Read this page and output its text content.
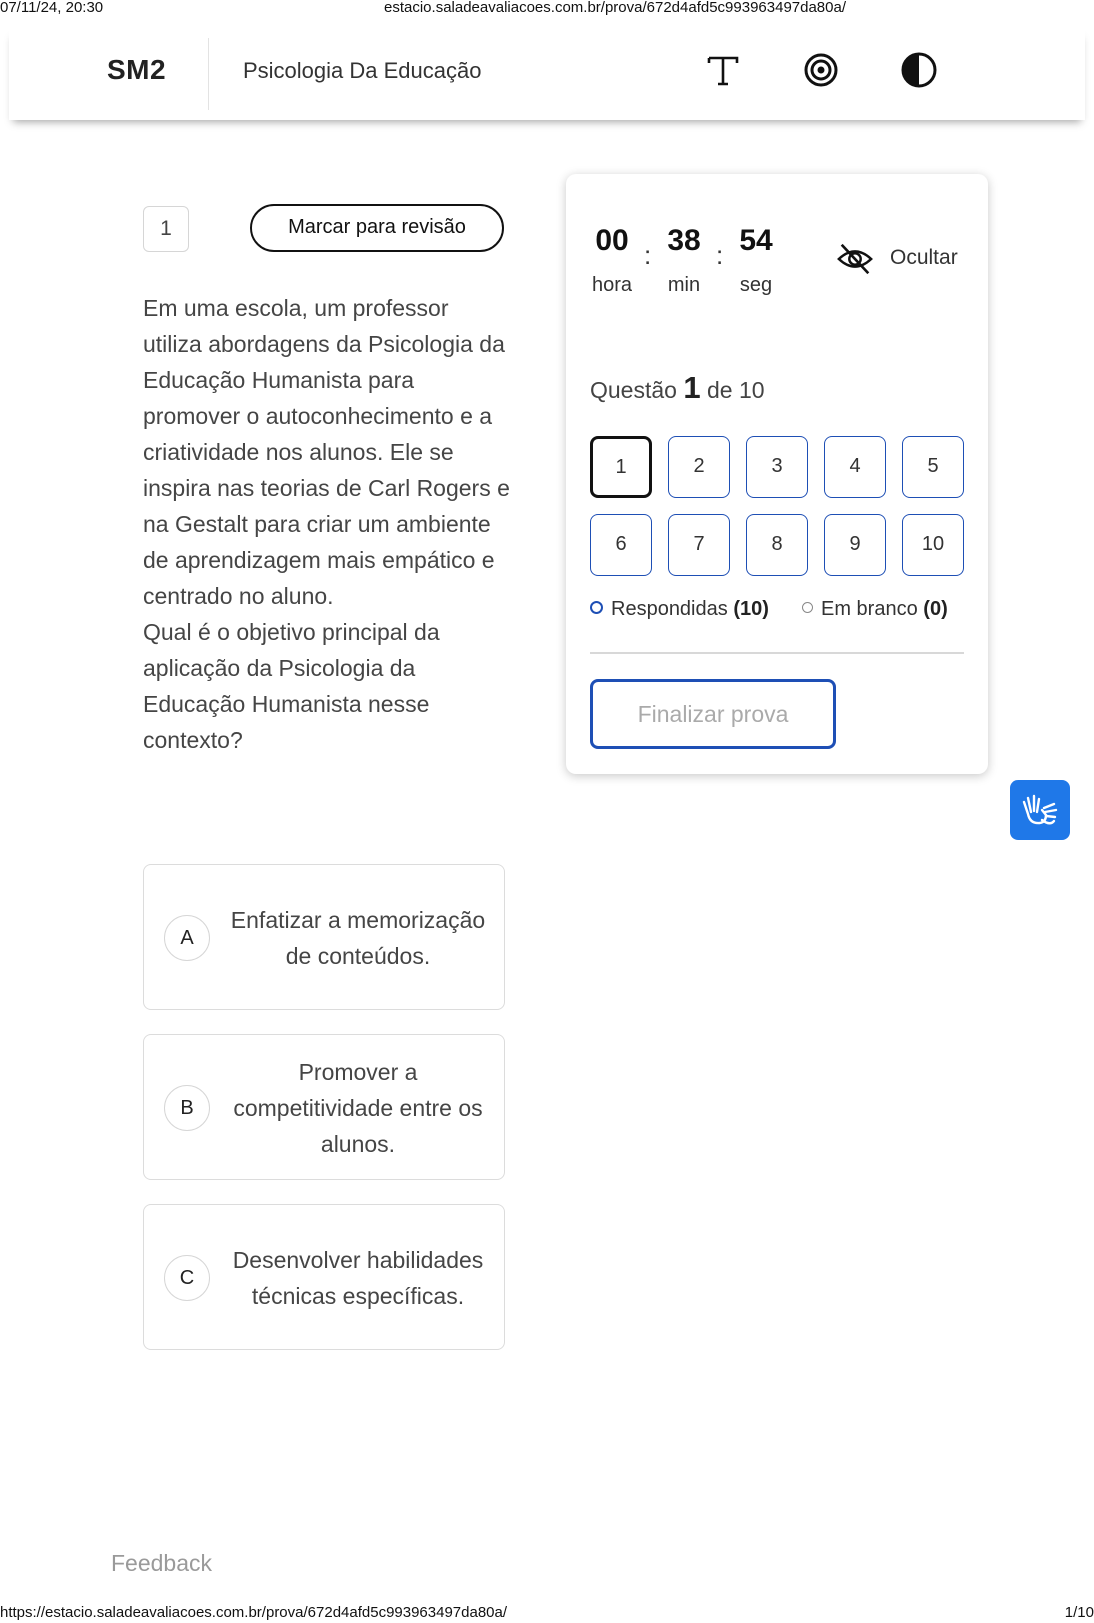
07/11/24, 20:30	estacio.saladeavaliacoes.com.br/prova/672d4afd5c993963497da80a/
SM2	Psicologia Da Educação
1	Marcar para revisão

Em uma escola, um professor utiliza abordagens da Psicologia da Educação Humanista para promover o autoconhecimento e a criatividade nos alunos. Ele se inspira nas teorias de Carl Rogers e na Gestalt para criar um ambiente de aprendizagem mais empático e centrado no aluno.

Qual é o objetivo principal da aplicação da Psicologia da Educação Humanista nesse contexto?

A
Enfatizar a memorização de conteúdos.
B
Promover a competitividade entre os alunos.
C
Desenvolver habilidades técnicas específicas.
00
hora
: 38
min
: 54
seg
Ocultar
Questão 1 de 10
1	2	3	4	5
6	7	8	9	10
Respondidas (10)	Em branco (0)
Finalizar prova
Feedback
https://estacio.saladeavaliacoes.com.br/prova/672d4afd5c993963497da80a/	1/10
